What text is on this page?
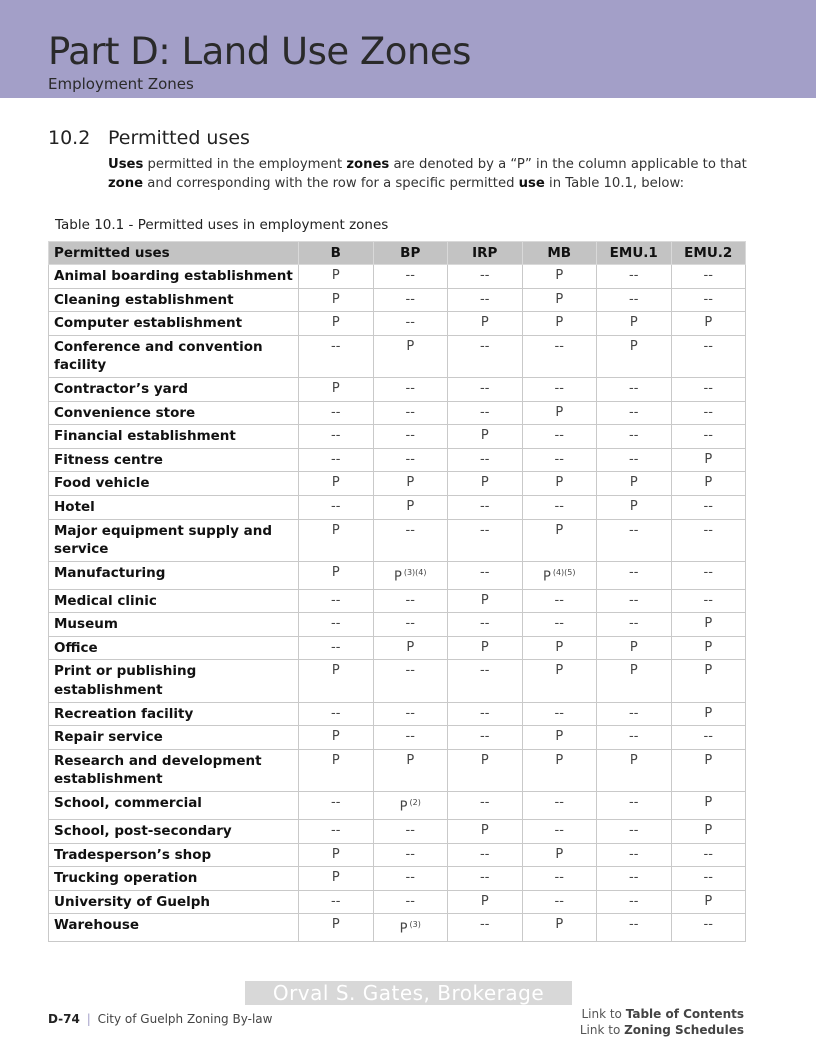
Part D: Land Use Zones
Employment Zones
10.2 Permitted uses
Uses permitted in the employment zones are denoted by a “P” in the column applicable to that zone and corresponding with the row for a specific permitted use in Table 10.1, below:
Table 10.1 - Permitted uses in employment zones
Permitted uses	B	BP	IRP	MB	EMU.1	EMU.2
Animal boarding establishment	P	--	--	P	--	--
Cleaning establishment	P	--	--	P	--	--
Computer establishment	P	--	P	P	P	P
Conference and convention facility	--	P	--	--	P	--
Contractor’s yard	P	--	--	--	--	--
Convenience store	--	--	--	P	--	--
Financial establishment	--	--	P	--	--	--
Fitness centre	--	--	--	--	--	P
Food vehicle	P	P	P	P	P	P
Hotel	--	P	--	--	P	--
Major equipment supply and service	P	--	--	P	--	--
Manufacturing	P	P $^{(3)(4)}$	--	P $^{(4)(5)}$	--	--
Medical clinic	--	--	P	--	--	--
Museum	--	--	--	--	--	P
Office	--	P	P	P	P	P
Print or publishing establishment	P	--	--	P	P	P
Recreation facility	--	--	--	--	--	P
Repair service	P	--	--	P	--	--
Research and development establishment	P	P	P	P	P	P
School, commercial	--	P $^{(2)}$	--	--	--	P
School, post-secondary	--	--	P	--	--	P
Tradesperson’s shop	P	--	--	P	--	--
Trucking operation	P	--	--	--	--	--
University of Guelph	--	--	P	--	--	P
Warehouse	P	P $^{(3)}$	--	P	--	--
Orval S. Gates, Brokerage
D-74 | City of Guelph Zoning By-law	Link to Table of Contents
Link to Zoning Schedules
